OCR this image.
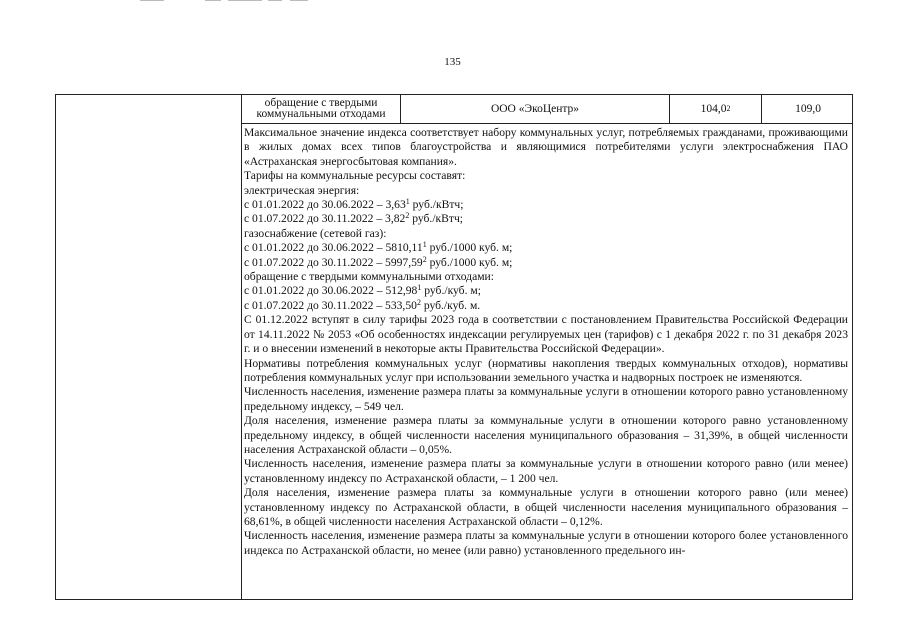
135
обращение с твердыми коммунальными отходами	ООО «ЭкоЦентр»	104,0 2	109,0

Максимальное значение индекса соответствует набору коммунальных услуг, потребляемых гражданами, проживающими в жилых домах всех типов благоустройства и являющимися потребителями услуги электроснабжения ПАО «Астраханская энергосбытовая компания».

Тарифы на коммунальные ресурсы составят:

электрическая энергия:

с 01.01.2022 до 30.06.2022 – 3,63$^1$ руб./кВтч;

с 01.07.2022 до 30.11.2022 – 3,82$^2$ руб./кВтч;

газоснабжение (сетевой газ):

с 01.01.2022 до 30.06.2022 – 5810,11$^1$ руб./1000 куб. м;

с 01.07.2022 до 30.11.2022 – 5997,59$^2$ руб./1000 куб. м;

обращение с твердыми коммунальными отходами:

с 01.01.2022 до 30.06.2022 – 512,98$^1$ руб./куб. м;

с 01.07.2022 до 30.11.2022 – 533,50$^2$ руб./куб. м.

С 01.12.2022 вступят в силу тарифы 2023 года в соответствии с постановлением Правительства Российской Федерации от 14.11.2022 № 2053 «Об особенностях индексации регулируемых цен (тарифов) с 1 декабря 2022 г. по 31 декабря 2023 г. и о внесении изменений в некоторые акты Правительства Российской Федерации».

Нормативы потребления коммунальных услуг (нормативы накопления твердых коммунальных отходов), нормативы потребления коммунальных услуг при использовании земельного участка и надворных построек не изменяются.

Численность населения, изменение размера платы за коммунальные услуги в отношении которого равно установленному предельному индексу, – 549 чел.

Доля населения, изменение размера платы за коммунальные услуги в отношении которого равно установленному предельному индексу, в общей численности населения муниципального образования – 31,39%, в общей численности населения Астраханской области – 0,05%.

Численность населения, изменение размера платы за коммунальные услуги в отношении которого равно (или менее) установленному индексу по Астраханской области, – 1 200 чел.

Доля населения, изменение размера платы за коммунальные услуги в отношении которого равно (или менее) установленному индексу по Астраханской области, в общей численности населения муниципального образования – 68,61%, в общей численности населения Астраханской области – 0,12%.

Численность населения, изменение размера платы за коммунальные услуги в отношении которого более установленного индекса по Астраханской области, но менее (или равно) установленного предельного ин-
